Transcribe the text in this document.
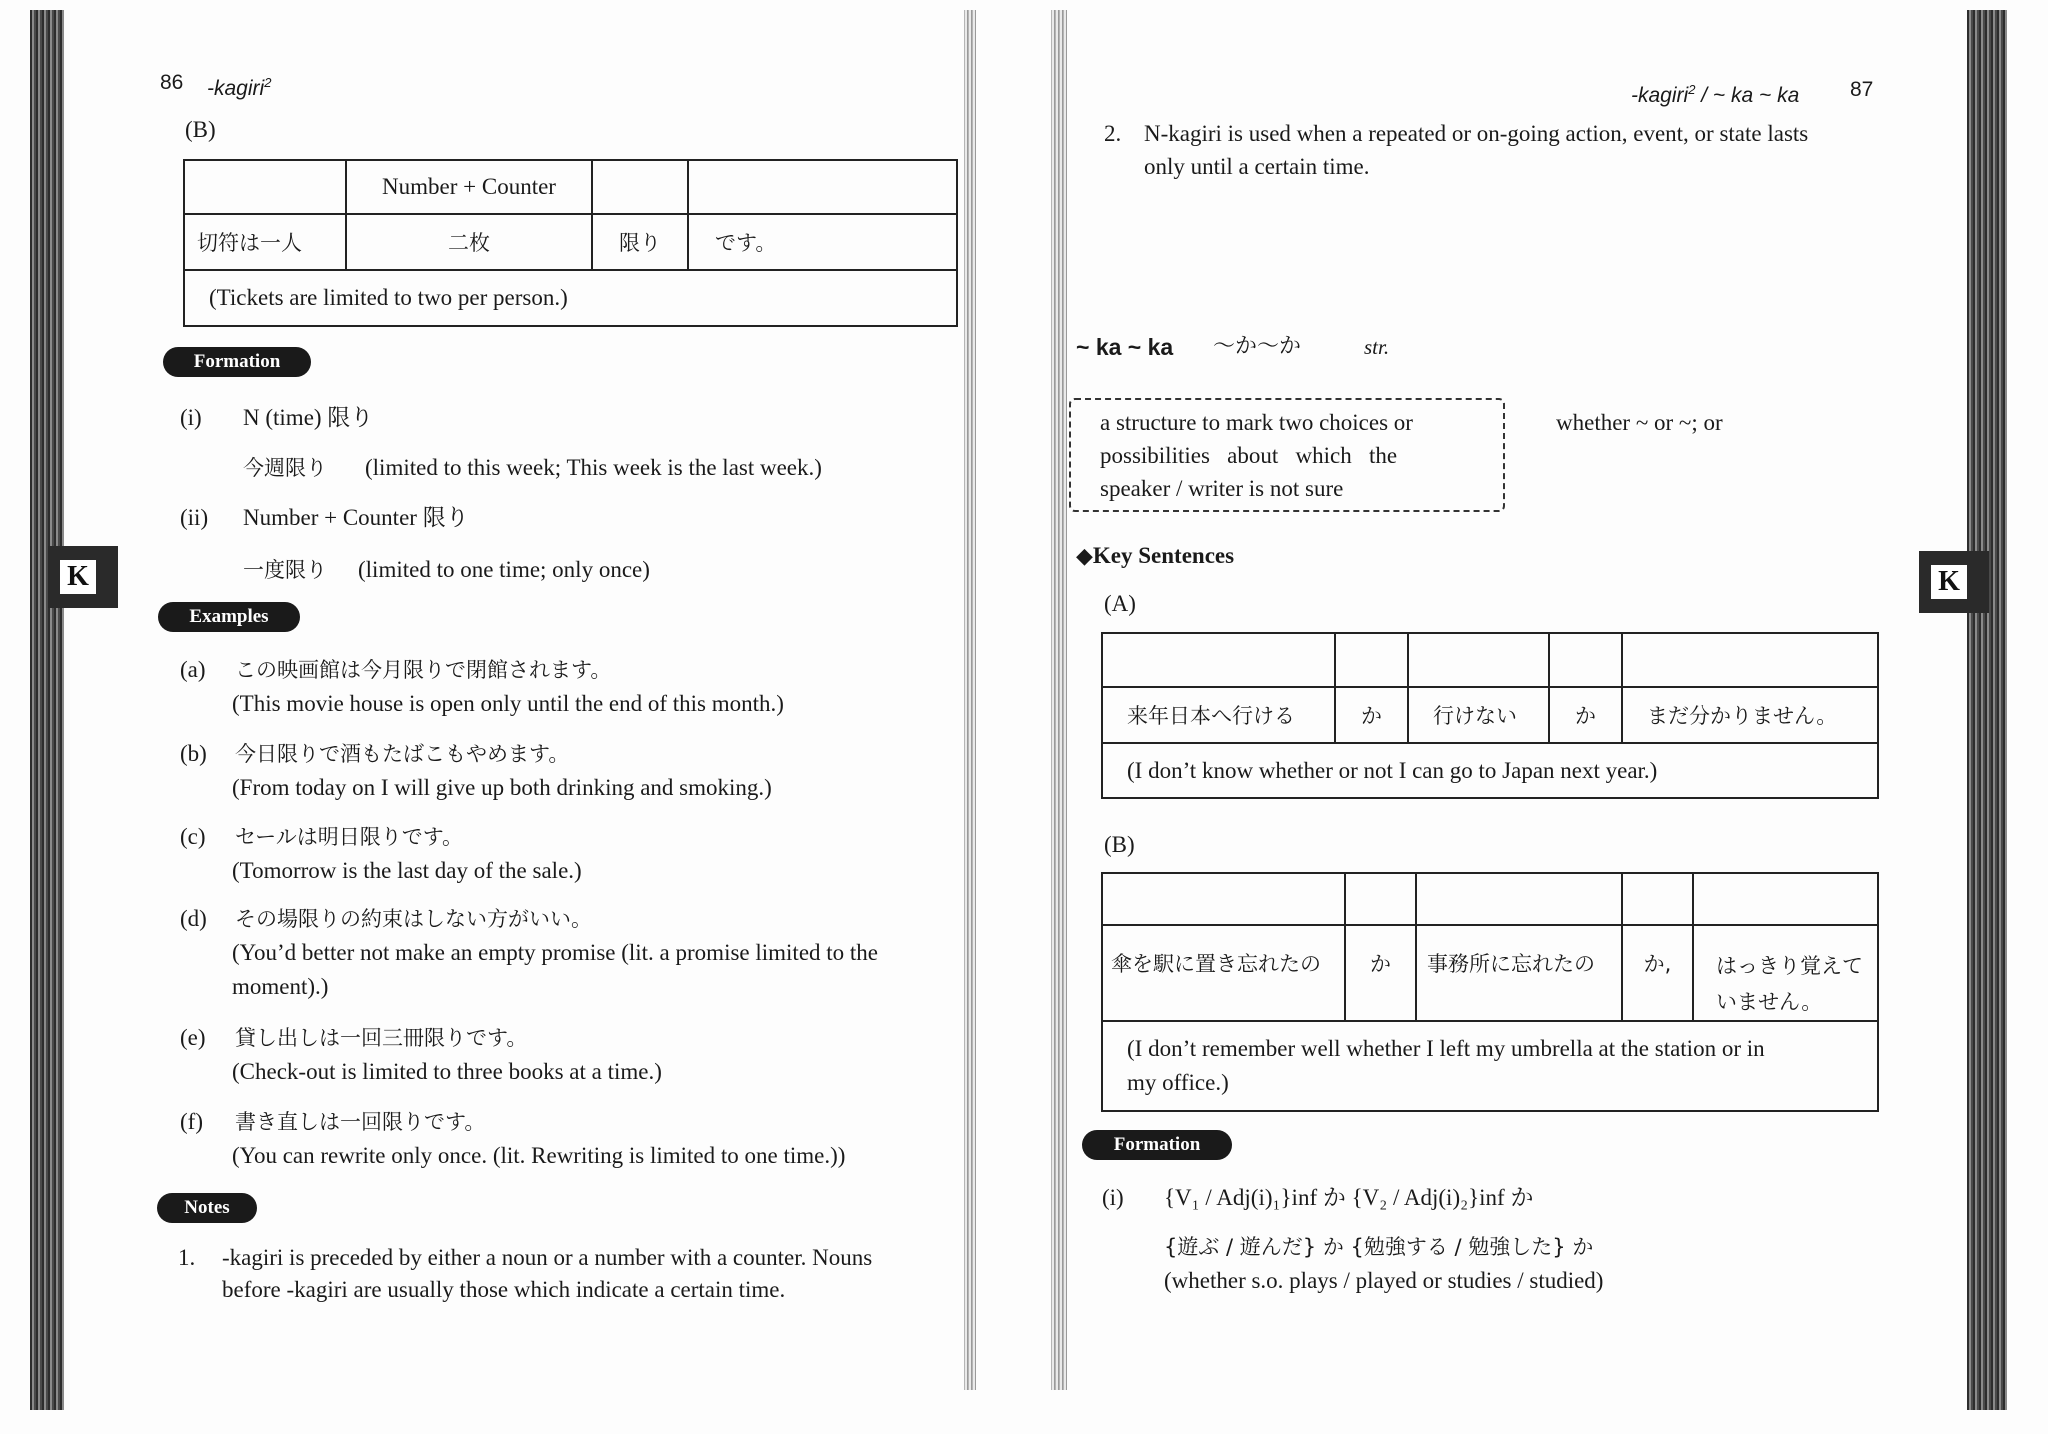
86 -kagiri$^2$
(B)
	Number + Counter		
切符は一人	二枚	限り	です。
(Tickets are limited to two per person.)			
Formation
(i) N (time) 限り
今週限り (limited to this week; This week is the last week.)
(ii) Number + Counter 限り
一度限り (limited to one time; only once)
Examples
(a) この映画館は今月限りで閉館されます。
(This movie house is open only until the end of this month.)
(b) 今日限りで酒もたばこもやめます。
(From today on I will give up both drinking and smoking.)
(c) セールは明日限りです。
(Tomorrow is the last day of the sale.)
(d) その場限りの約束はしない方がいい。
(You’d better not make an empty promise (lit. a promise limited to the
moment).)
(e) 貸し出しは一回三冊限りです。
(Check-out is limited to three books at a time.)
(f) 書き直しは一回限りです。
(You can rewrite only once. (lit. Rewriting is limited to one time.))
Notes
1. -kagiri is preceded by either a noun or a number with a counter. Nouns
before -kagiri are usually those which indicate a certain time.
K
-kagiri$^2$ / ~ ka ~ ka 87
2. N-kagiri is used when a repeated or on-going action, event, or state lasts
only until a certain time.
~ ka ~ ka ～か～か	str.
a structure to mark two choices or
possibilities   about   which   the
speaker / writer is not sure
whether ~ or ~; or
◆Key Sentences
(A)

来年日本へ行ける	か	行けない	か	まだ分かりません。
(I don’t know whether or not I can go to Japan next year.)				
(B)

傘を駅に置き忘れたの	か	事務所に忘れたの	か,	はっきり覚えて
いません。

(I don’t remember well whether I left my umbrella at the station or in
my office.)				
Formation
(i) {V₁ / Adj(i)₁}inf か {V₂ / Adj(i)₂}inf か
{遊ぶ / 遊んだ} か {勉強する / 勉強した} か
(whether s.o. plays / played or studies / studied)
K
